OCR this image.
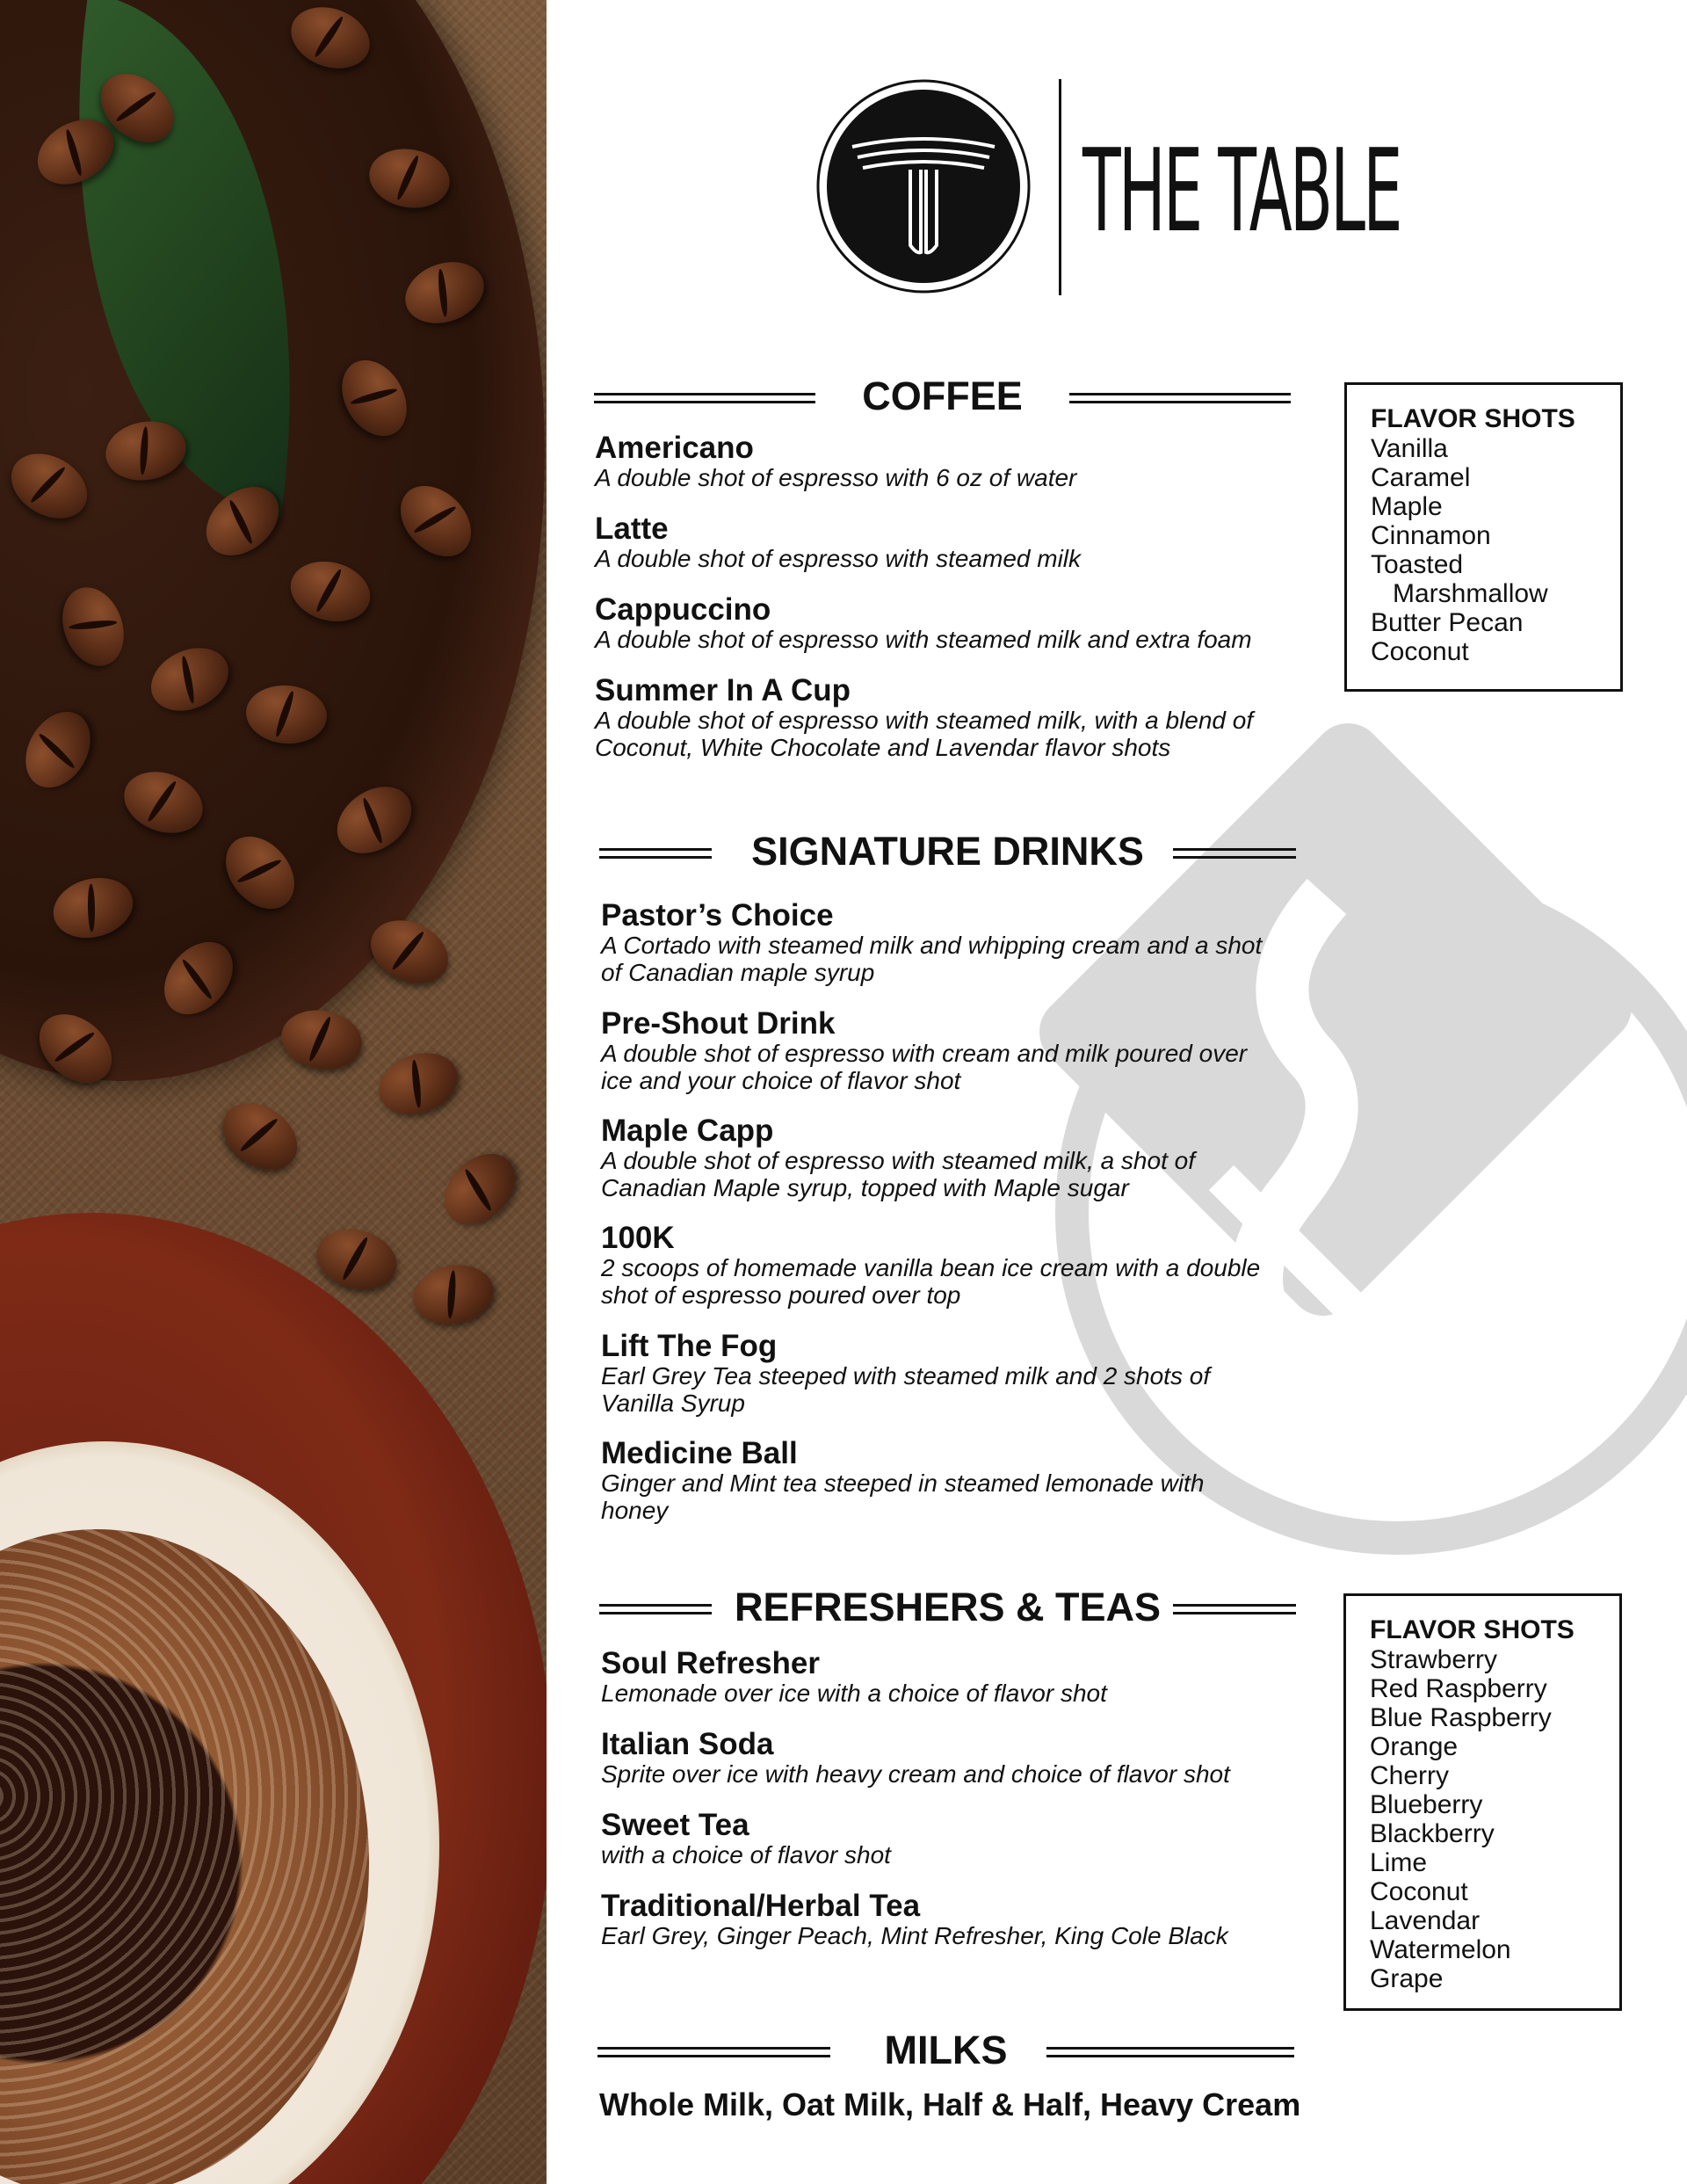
THE TABLE
COFFEE
Americano
A double shot of espresso with 6 oz of water
Latte
A double shot of espresso with steamed milk
Cappuccino
A double shot of espresso with steamed milk and extra foam
Summer In A Cup
A double shot of espresso with steamed milk, with a blend of
Coconut, White Chocolate and Lavendar flavor shots
FLAVOR SHOTS
Vanilla
Caramel
Maple
Cinnamon
Toasted
Marshmallow
Butter Pecan
Coconut
SIGNATURE DRINKS
Pastor’s Choice
A Cortado with steamed milk and whipping cream and a shot
of Canadian maple syrup
Pre-Shout Drink
A double shot of espresso with cream and milk poured over
ice and your choice of flavor shot
Maple Capp
A double shot of espresso with steamed milk, a shot of
Canadian Maple syrup, topped with Maple sugar
100K
2 scoops of homemade vanilla bean ice cream with a double
shot of espresso poured over top
Lift The Fog
Earl Grey Tea steeped with steamed milk and 2 shots of
Vanilla Syrup
Medicine Ball
Ginger and Mint tea steeped in steamed lemonade with
honey
REFRESHERS & TEAS
Soul Refresher
Lemonade over ice with a choice of flavor shot
Italian Soda
Sprite over ice with heavy cream and choice of flavor shot
Sweet Tea
with a choice of flavor shot
Traditional/Herbal Tea
Earl Grey, Ginger Peach, Mint Refresher, King Cole Black
FLAVOR SHOTS
Strawberry
Red Raspberry
Blue Raspberry
Orange
Cherry
Blueberry
Blackberry
Lime
Coconut
Lavendar
Watermelon
Grape
MILKS
Whole Milk, Oat Milk, Half & Half, Heavy Cream
